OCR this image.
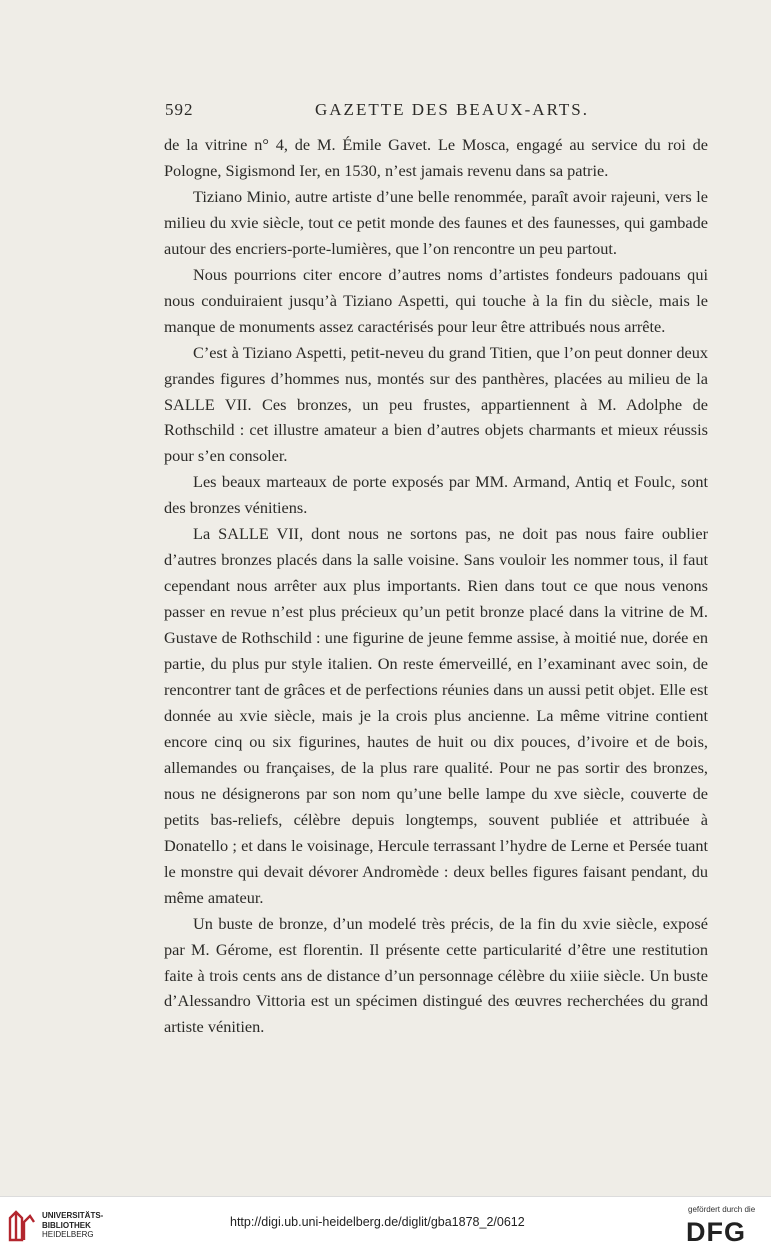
592	GAZETTE DES BEAUX-ARTS.

de la vitrine n° 4, de M. Émile Gavet. Le Mosca, engagé au service du roi de Pologne, Sigismond Ier, en 1530, n’est jamais revenu dans sa patrie.

Tiziano Minio, autre artiste d’une belle renommée, paraît avoir rajeuni, vers le milieu du xvie siècle, tout ce petit monde des faunes et des faunesses, qui gambade autour des encriers-porte-lumières, que l’on rencontre un peu partout.

Nous pourrions citer encore d’autres noms d’artistes fondeurs padouans qui nous conduiraient jusqu’à Tiziano Aspetti, qui touche à la fin du siècle, mais le manque de monuments assez caractérisés pour leur être attribués nous arrête.

C’est à Tiziano Aspetti, petit-neveu du grand Titien, que l’on peut donner deux grandes figures d’hommes nus, montés sur des panthères, placées au milieu de la SALLE VII. Ces bronzes, un peu frustes, appartiennent à M. Adolphe de Rothschild : cet illustre amateur a bien d’autres objets charmants et mieux réussis pour s’en consoler.

Les beaux marteaux de porte exposés par MM. Armand, Antiq et Foulc, sont des bronzes vénitiens.

La SALLE VII, dont nous ne sortons pas, ne doit pas nous faire oublier d’autres bronzes placés dans la salle voisine. Sans vouloir les nommer tous, il faut cependant nous arrêter aux plus importants. Rien dans tout ce que nous venons passer en revue n’est plus précieux qu’un petit bronze placé dans la vitrine de M. Gustave de Rothschild : une figurine de jeune femme assise, à moitié nue, dorée en partie, du plus pur style italien. On reste émerveillé, en l’examinant avec soin, de rencontrer tant de grâces et de perfections réunies dans un aussi petit objet. Elle est donnée au xvie siècle, mais je la crois plus ancienne. La même vitrine contient encore cinq ou six figurines, hautes de huit ou dix pouces, d’ivoire et de bois, allemandes ou françaises, de la plus rare qualité. Pour ne pas sortir des bronzes, nous ne désignerons par son nom qu’une belle lampe du xve siècle, couverte de petits bas-reliefs, célèbre depuis longtemps, souvent publiée et attribuée à Donatello ; et dans le voisinage, Hercule terrassant l’hydre de Lerne et Persée tuant le monstre qui devait dévorer Andromède : deux belles figures faisant pendant, du même amateur.

Un buste de bronze, d’un modelé très précis, de la fin du xvie siècle, exposé par M. Gérome, est florentin. Il présente cette particularité d’être une restitution faite à trois cents ans de distance d’un personnage célèbre du xiiie siècle. Un buste d’Alessandro Vittoria est un spécimen distingué des œuvres recherchées du grand artiste vénitien.

UNIVERSITÄTS-
BIBLIOTHEK
HEIDELBERG
http://digi.ub.uni-heidelberg.de/diglit/gba1878_2/0612
gefördert durch die
DFG
